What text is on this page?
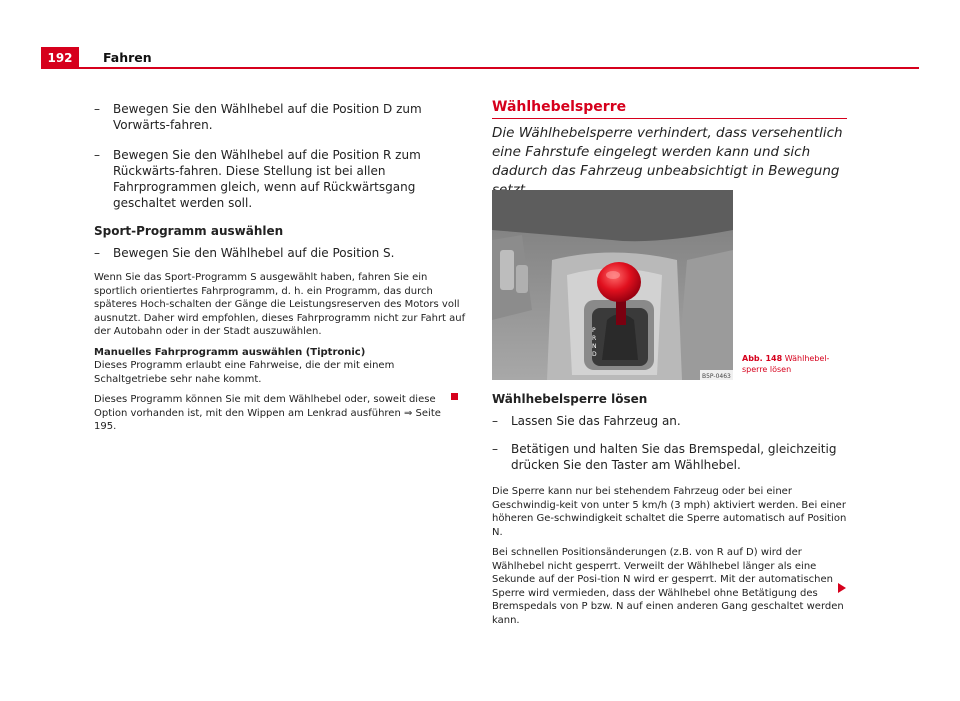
192	Fahren
– Bewegen Sie den Wählhebel auf die Position D zum Vorwärts-fahren.
– Bewegen Sie den Wählhebel auf die Position R zum Rückwärts-fahren. Diese Stellung ist bei allen Fahrprogrammen gleich, wenn auf Rückwärtsgang geschaltet werden soll.
Sport-Programm auswählen
– Bewegen Sie den Wählhebel auf die Position S.
Wenn Sie das Sport-Programm S ausgewählt haben, fahren Sie ein sportlich orientiertes Fahrprogramm, d. h. ein Programm, das durch späteres Hoch-schalten der Gänge die Leistungsreserven des Motors voll ausnutzt. Daher wird empfohlen, dieses Fahrprogramm nicht zur Fahrt auf der Autobahn oder in der Stadt auszuwählen.
Manuelles Fahrprogramm auswählen (Tiptronic)
Dieses Programm erlaubt eine Fahrweise, die der mit einem Schaltgetriebe sehr nahe kommt.
Dieses Programm können Sie mit dem Wählhebel oder, soweit diese Option vorhanden ist, mit den Wippen am Lenkrad ausführen ⇒ Seite 195.
Wählhebelsperre
Die Wählhebelsperre verhindert, dass versehentlich eine Fahrstufe eingelegt werden kann und sich dadurch das Fahrzeug unbeabsichtigt in Bewegung
P
R
N
D
B5P-0463
Abb. 148 Wählhebel-sperre lösen
Wählhebelsperre lösen
– Lassen Sie das Fahrzeug an.
– Betätigen und halten Sie das Bremspedal, gleichzeitig drücken Sie den Taster am Wählhebel.
Die Sperre kann nur bei stehendem Fahrzeug oder bei einer Geschwindig-keit von unter 5 km/h (3 mph) aktiviert werden. Bei einer höheren Ge-schwindigkeit schaltet die Sperre automatisch auf Position N.
Bei schnellen Positionsänderungen (z.B. von R auf D) wird der Wählhebel nicht gesperrt. Verweilt der Wählhebel länger als eine Sekunde auf der Posi-tion N wird er gesperrt. Mit der automatischen Sperre wird vermieden, dass der Wählhebel ohne Betätigung des Bremspedals von P bzw. N auf einen anderen Gang geschaltet werden kann.
